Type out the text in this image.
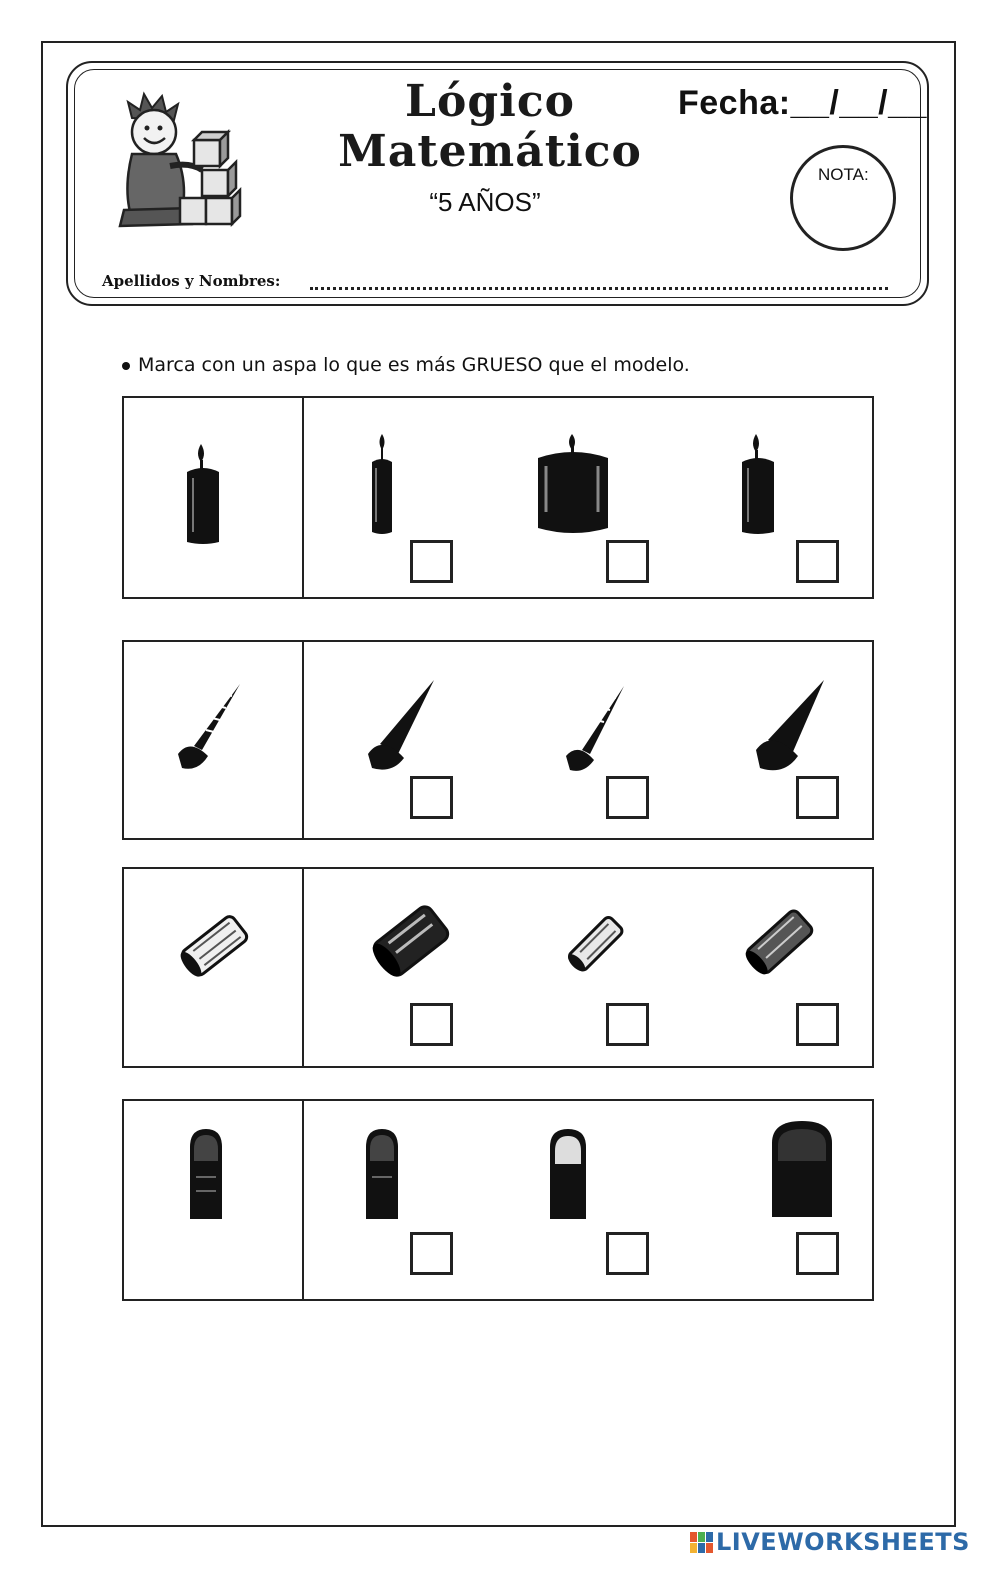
Lógico
Matemático
“5 AÑOS”
Fecha:__/__/__
NOTA:
Apellidos y Nombres:
Marca con un aspa lo que es más GRUESO que el modelo.
LIVEWORKSHEETS
